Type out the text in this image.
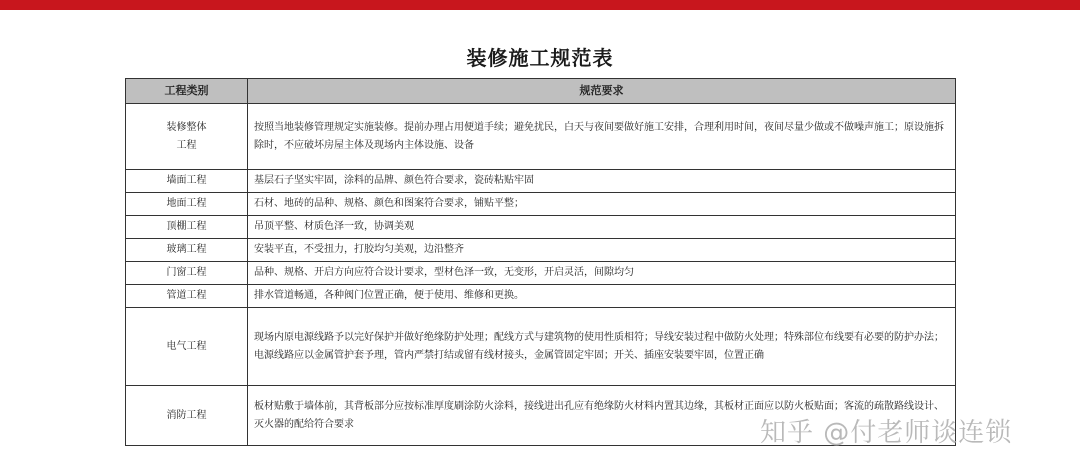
装修施工规范表
工程类别	规范要求
装修整体
工程	按照当地装修管理规定实施装修。提前办理占用便道手续；避免扰民，白天与夜间要做好施工安排，合理利用时间，夜间尽量少做或不做噪声施工；原设施拆除时，不应破坏房屋主体及现场内主体设施、设备
墙面工程	基层石子坚实牢固，涂料的品牌、颜色符合要求，瓷砖粘贴牢固
地面工程	石材、地砖的品种、规格、颜色和图案符合要求，铺贴平整；
顶棚工程	吊顶平整、材质色泽一致，协调美观
玻璃工程	安装平直，不受扭力，打胶均匀美观，边沿整齐
门窗工程	品种、规格、开启方向应符合设计要求，型材色泽一致，无变形，开启灵活，间隙均匀
管道工程	排水管道畅通，各种阀门位置正确，便于使用、维修和更换。
电气工程	现场内原电源线路予以完好保护并做好绝缘防护处理；配线方式与建筑物的使用性质相符；导线安装过程中做防火处理；特殊部位布线要有必要的防护办法；电源线路应以金属管护套予理，管内严禁打结或留有线材接头，金属管固定牢固；开关、插座安装要牢固，位置正确
消防工程	板材贴敷于墙体前，其背板部分应按标准厚度刷涂防火涂料，接线进出孔应有绝缘防火材料内置其边缘，其板材正面应以防火板贴面；客流的疏散路线设计、灭火器的配给符合要求	知乎 @付老师谈连锁
